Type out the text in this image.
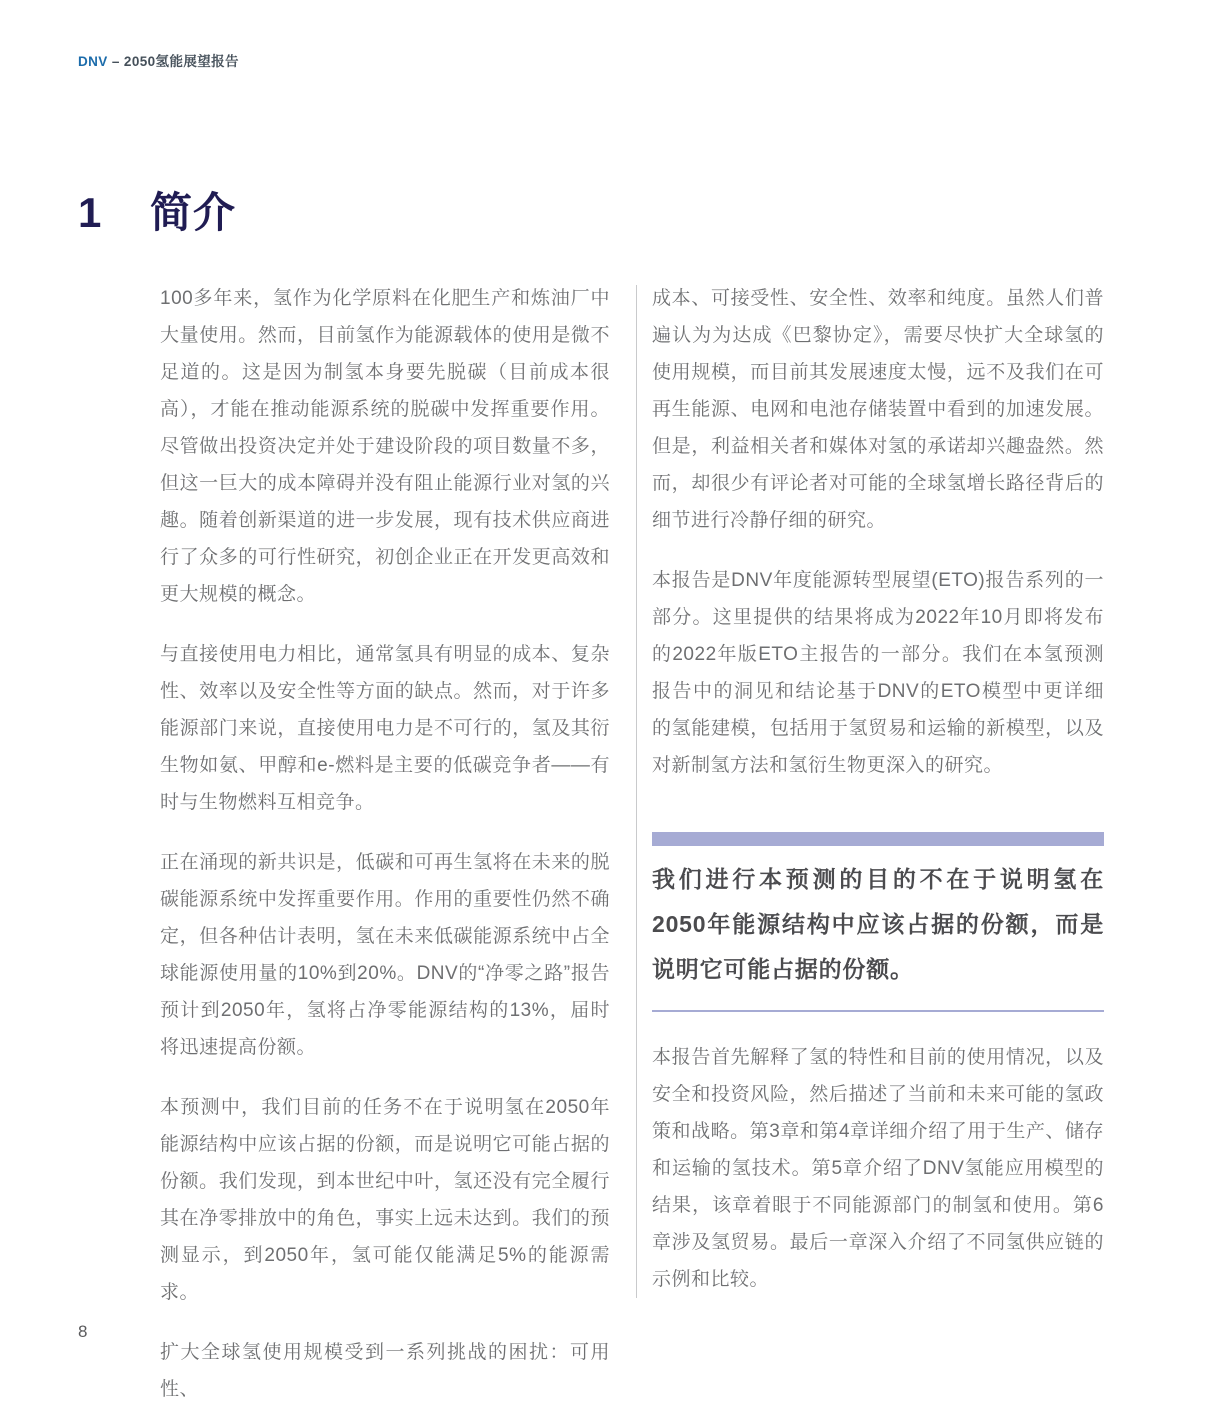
DNV – 2050氢能展望报告
1	简介

100多年来，氢作为化学原料在化肥生产和炼油厂中大量使用。然而，目前氢作为能源载体的使用是微不足道的。这是因为制氢本身要先脱碳（目前成本很高），才能在推动能源系统的脱碳中发挥重要作用。尽管做出投资决定并处于建设阶段的项目数量不多，但这一巨大的成本障碍并没有阻止能源行业对氢的兴趣。随着创新渠道的进一步发展，现有技术供应商进行了众多的可行性研究，初创企业正在开发更高效和更大规模的概念。

与直接使用电力相比，通常氢具有明显的成本、复杂性、效率以及安全性等方面的缺点。然而，对于许多能源部门来说，直接使用电力是不可行的，氢及其衍生物如氨、甲醇和e-燃料是主要的低碳竞争者——有时与生物燃料互相竞争。

正在涌现的新共识是，低碳和可再生氢将在未来的脱碳能源系统中发挥重要作用。作用的重要性仍然不确定，但各种估计表明，氢在未来低碳能源系统中占全球能源使用量的10%到20%。DNV的“净零之路”报告预计到2050年，氢将占净零能源结构的13%，届时将迅速提高份额。

本预测中，我们目前的任务不在于说明氢在2050年能源结构中应该占据的份额，而是说明它可能占据的份额。我们发现，到本世纪中叶，氢还没有完全履行其在净零排放中的角色，事实上远未达到。我们的预测显示，到2050年，氢可能仅能满足5%的能源需求。

扩大全球氢使用规模受到一系列挑战的困扰：可用性、

成本、可接受性、安全性、效率和纯度。虽然人们普遍认为为达成《巴黎协定》，需要尽快扩大全球氢的使用规模，而目前其发展速度太慢，远不及我们在可再生能源、电网和电池存储装置中看到的加速发展。但是，利益相关者和媒体对氢的承诺却兴趣盎然。然而，却很少有评论者对可能的全球氢增长路径背后的细节进行冷静仔细的研究。

本报告是DNV年度能源转型展望(ETO)报告系列的一部分。这里提供的结果将成为2022年10月即将发布的2022年版ETO主报告的一部分。我们在本氢预测报告中的洞见和结论基于DNV的ETO模型中更详细的氢能建模，包括用于氢贸易和运输的新模型，以及对新制氢方法和氢衍生物更深入的研究。

我们进行本预测的目的不在于说明氢在2050年能源结构中应该占据的份额，而是说明它可能占据的份额。

本报告首先解释了氢的特性和目前的使用情况，以及安全和投资风险，然后描述了当前和未来可能的氢政策和战略。第3章和第4章详细介绍了用于生产、储存和运输的氢技术。第5章介绍了DNV氢能应用模型的结果，该章着眼于不同能源部门的制氢和使用。第6章涉及氢贸易。最后一章深入介绍了不同氢供应链的示例和比较。

8
